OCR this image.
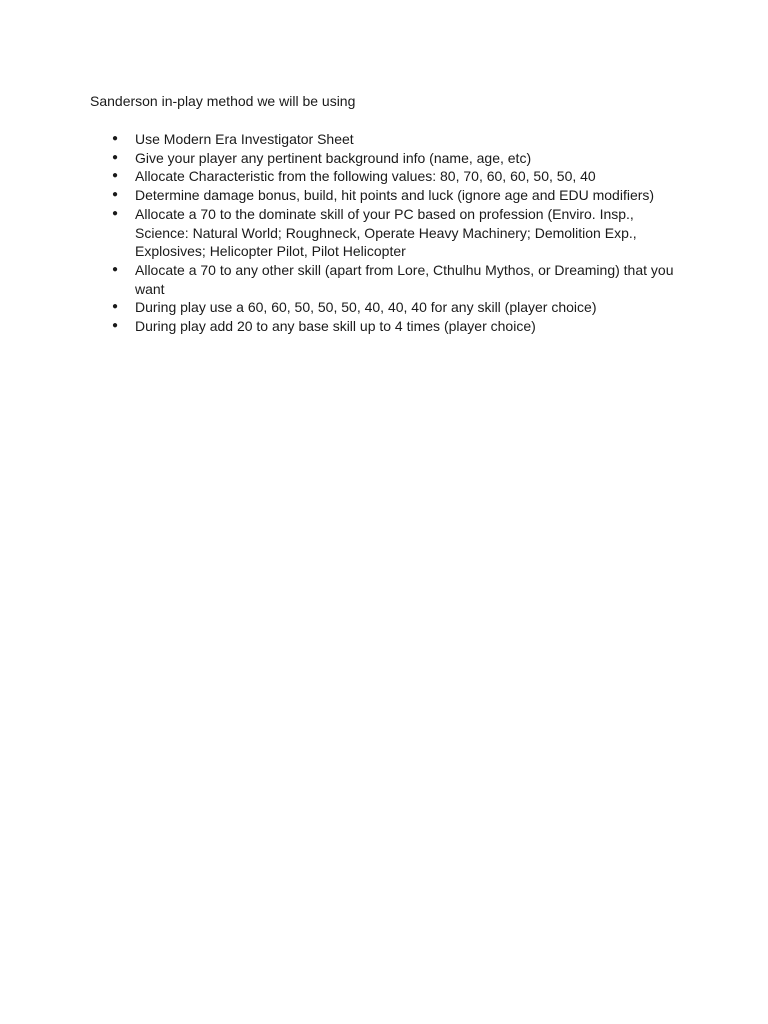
Sanderson in-play method we will be using

● Use Modern Era Investigator Sheet
● Give your player any pertinent background info (name, age, etc)
● Allocate Characteristic from the following values: 80, 70, 60, 60, 50, 50, 40
● Determine damage bonus, build, hit points and luck (ignore age and EDU modifiers)
● Allocate a 70 to the dominate skill of your PC based on profession (Enviro. Insp., Science: Natural World; Roughneck, Operate Heavy Machinery; Demolition Exp., Explosives; Helicopter Pilot, Pilot Helicopter
● Allocate a 70 to any other skill (apart from Lore, Cthulhu Mythos, or Dreaming) that you want
● During play use a 60, 60, 50, 50, 50, 40, 40, 40 for any skill (player choice)
● During play add 20 to any base skill up to 4 times (player choice)
